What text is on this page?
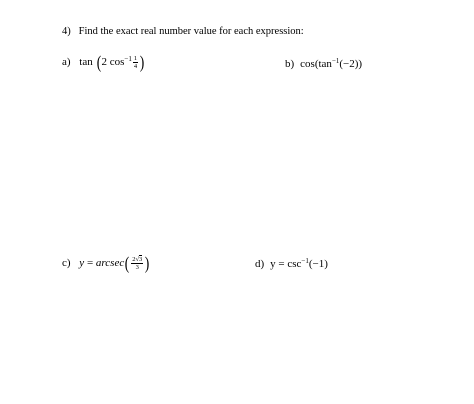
4) Find the exact real number value for each expression:
a) tan (2 $\cos^{-1} \frac{1}{4}$ )	b) $\cos(\tan^{-1}(-2))$
c) $y = arcsec( \frac{2√3}{3}$ )	d) $y = \csc^{-1}(-1)$
